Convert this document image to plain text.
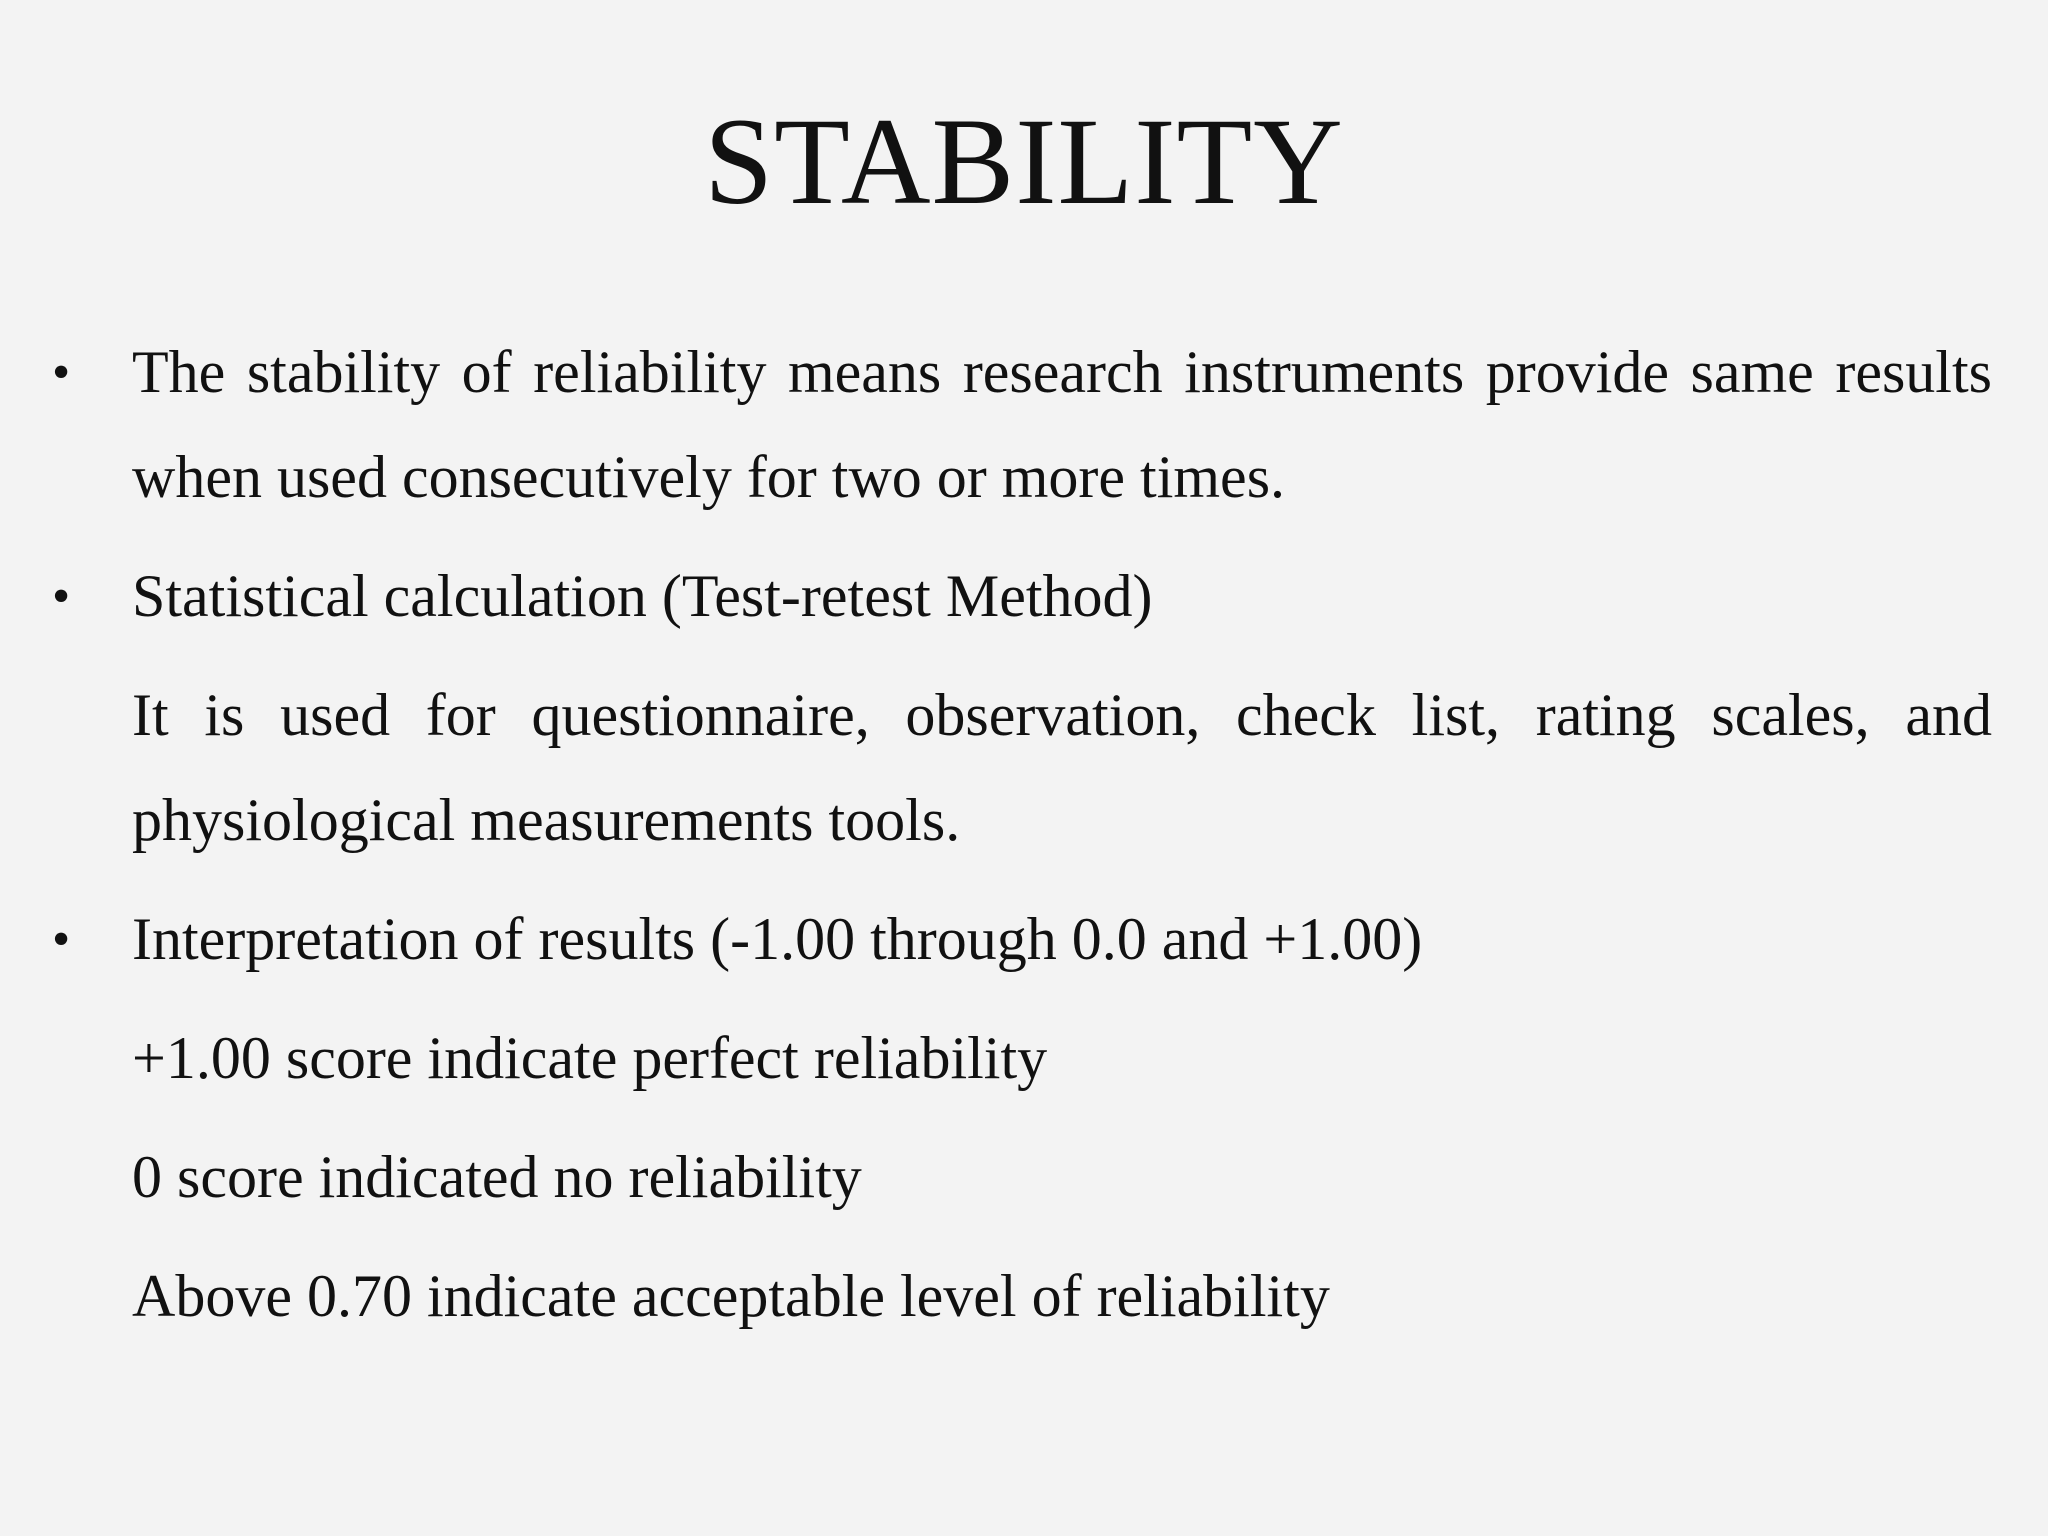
STABILITY

• The stability of reliability means research instruments provide same results when used consecutively for two or more times.

• Statistical calculation (Test-retest Method)

It is used for questionnaire, observation, check list, rating scales, and physiological measurements tools.

• Interpretation of results (-1.00 through 0.0 and +1.00)

+1.00 score indicate perfect reliability

0 score indicated no reliability

Above 0.70 indicate acceptable level of reliability
